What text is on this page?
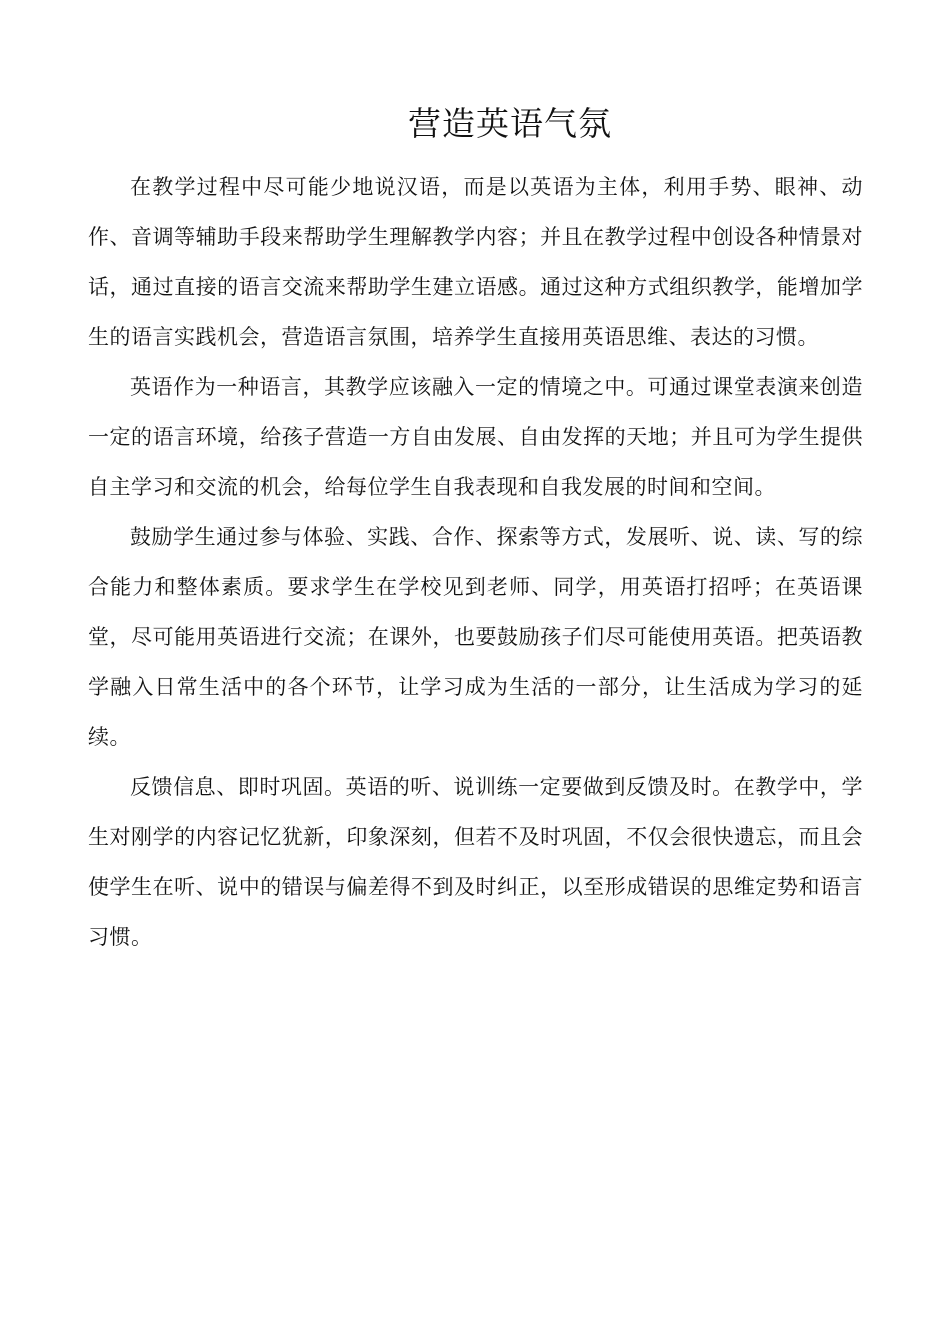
营造英语气氛

在教学过程中尽可能少地说汉语，而是以英语为主体，利用手势、眼神、动作、音调等辅助手段来帮助学生理解教学内容；并且在教学过程中创设各种情景对话，通过直接的语言交流来帮助学生建立语感。通过这种方式组织教学，能增加学生的语言实践机会，营造语言氛围，培养学生直接用英语思维、表达的习惯。

英语作为一种语言，其教学应该融入一定的情境之中。可通过课堂表演来创造一定的语言环境，给孩子营造一方自由发展、自由发挥的天地；并且可为学生提供自主学习和交流的机会，给每位学生自我表现和自我发展的时间和空间。

鼓励学生通过参与体验、实践、合作、探索等方式，发展听、说、读、写的综合能力和整体素质。要求学生在学校见到老师、同学，用英语打招呼；在英语课堂，尽可能用英语进行交流；在课外，也要鼓励孩子们尽可能使用英语。把英语教学融入日常生活中的各个环节，让学习成为生活的一部分，让生活成为学习的延续。

反馈信息、即时巩固。英语的听、说训练一定要做到反馈及时。在教学中，学生对刚学的内容记忆犹新，印象深刻，但若不及时巩固，不仅会很快遗忘，而且会使学生在听、说中的错误与偏差得不到及时纠正，以至形成错误的思维定势和语言习惯。
